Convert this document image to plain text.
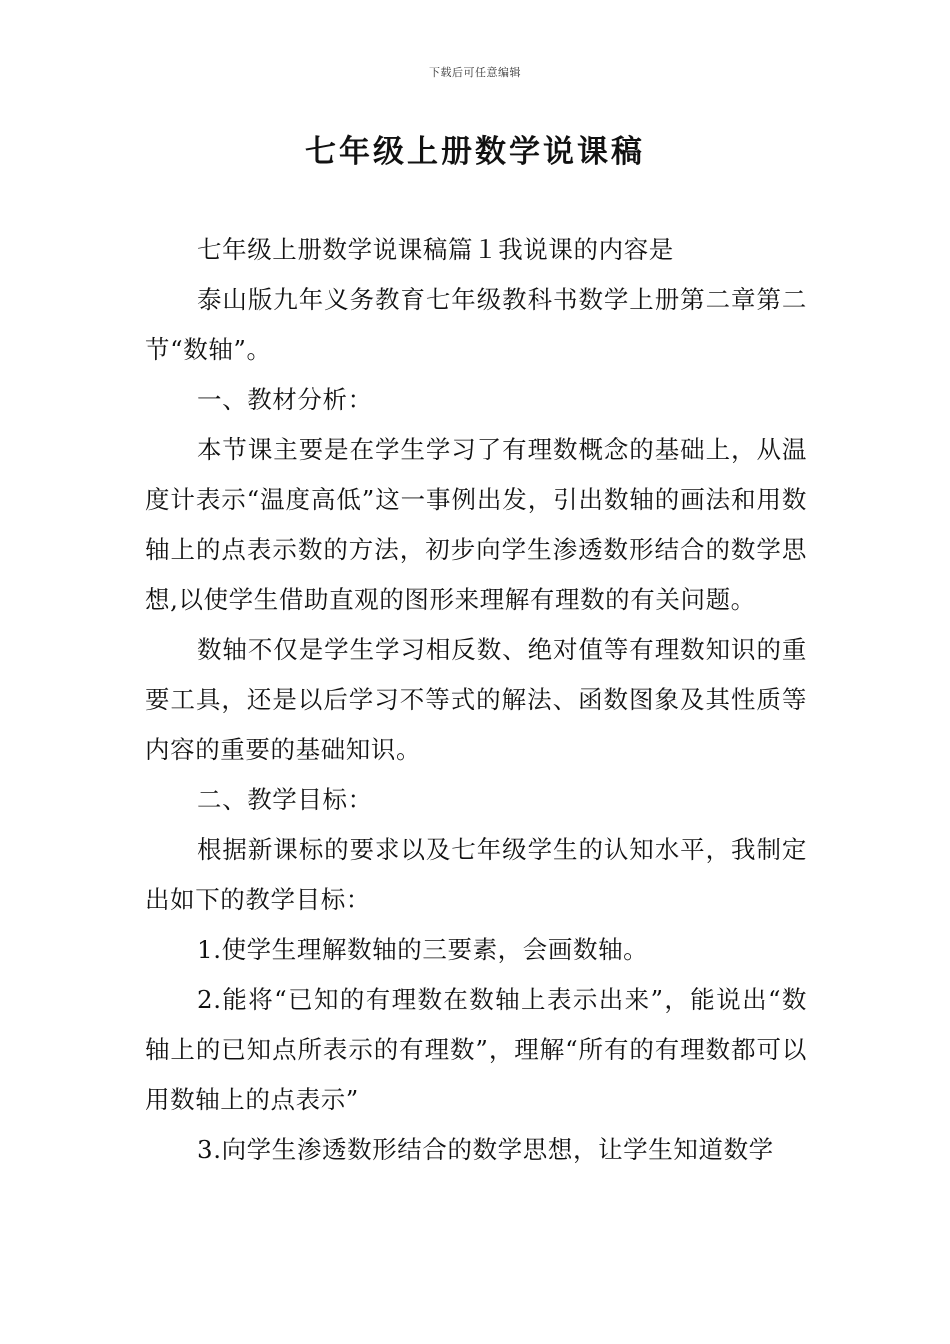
下载后可任意编辑
七年级上册数学说课稿

七年级上册数学说课稿篇１我说课的内容是

泰山版九年义务教育七年级教科书数学上册第二章第二节“数轴”。

一、教材分析：

本节课主要是在学生学习了有理数概念的基础上，从温度计表示“温度高低”这一事例出发，引出数轴的画法和用数轴上的点表示数的方法，初步向学生渗透数形结合的数学思想,以使学生借助直观的图形来理解有理数的有关问题。

数轴不仅是学生学习相反数、绝对值等有理数知识的重要工具，还是以后学习不等式的解法、函数图象及其性质等内容的重要的基础知识。

二、教学目标：

根据新课标的要求以及七年级学生的认知水平，我制定出如下的教学目标：

1.使学生理解数轴的三要素，会画数轴。

2.能将“已知的有理数在数轴上表示出来”，能说出“数轴上的已知点所表示的有理数”，理解“所有的有理数都可以用数轴上的点表示”

3.向学生渗透数形结合的数学思想，让学生知道数学
